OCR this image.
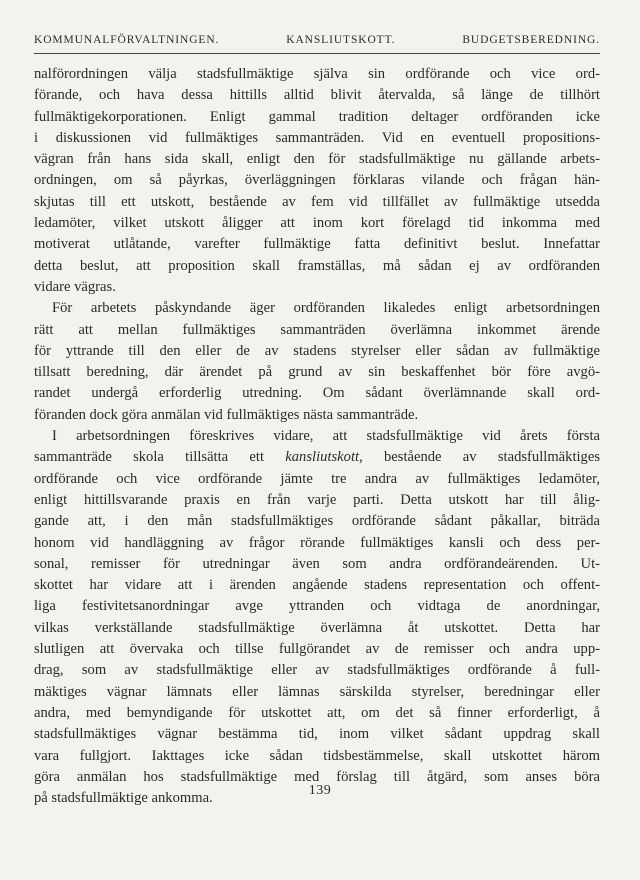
KOMMUNALFÖRVALTNINGEN. KANSLIUTSKOTT. BUDGETSBEREDNING.
nalförordningen välja stadsfullmäktige själva sin ordförande och vice ord-
förande, och hava dessa hittills alltid blivit återvalda, så länge de tillhört
fullmäktigekorporationen. Enligt gammal tradition deltager ordföranden icke
i diskussionen vid fullmäktiges sammanträden. Vid en eventuell propositions-
vägran från hans sida skall, enligt den för stadsfullmäktige nu gällande arbets-
ordningen, om så påyrkas, överläggningen förklaras vilande och frågan hän-
skjutas till ett utskott, bestående av fem vid tillfället av fullmäktige utsedda
ledamöter, vilket utskott åligger att inom kort förelagd tid inkomma med
motiverat utlåtande, varefter fullmäktige fatta definitivt beslut. Innefattar
detta beslut, att proposition skall framställas, må sådan ej av ordföranden
vidare vägras.
För arbetets påskyndande äger ordföranden likaledes enligt arbetsordningen
rätt att mellan fullmäktiges sammanträden överlämna inkommet ärende
för yttrande till den eller de av stadens styrelser eller sådan av fullmäktige
tillsatt beredning, där ärendet på grund av sin beskaffenhet bör före avgö-
randet undergå erforderlig utredning. Om sådant överlämnande skall ord-
föranden dock göra anmälan vid fullmäktiges nästa sammanträde.
I arbetsordningen föreskrives vidare, att stadsfullmäktige vid årets första
sammanträde skola tillsätta ett kansliutskott, bestående av stadsfullmäktiges
ordförande och vice ordförande jämte tre andra av fullmäktiges ledamöter,
enligt hittillsvarande praxis en från varje parti. Detta utskott har till ålig-
gande att, i den mån stadsfullmäktiges ordförande sådant påkallar, biträda
honom vid handläggning av frågor rörande fullmäktiges kansli och dess per-
sonal, remisser för utredningar även som andra ordförandeärenden. Ut-
skottet har vidare att i ärenden angående stadens representation och offent-
liga festivitetsanordningar avge yttranden och vidtaga de anordningar,
vilkas verkställande stadsfullmäktige överlämna åt utskottet. Detta har
slutligen att övervaka och tillse fullgörandet av de remisser och andra upp-
drag, som av stadsfullmäktige eller av stadsfullmäktiges ordförande å full-
mäktiges vägnar lämnats eller lämnas särskilda styrelser, beredningar eller
andra, med bemyndigande för utskottet att, om det så finner erforderligt, å
stadsfullmäktiges vägnar bestämma tid, inom vilket sådant uppdrag skall
vara fullgjort. Iakttages icke sådan tidsbestämmelse, skall utskottet härom
göra anmälan hos stadsfullmäktige med förslag till åtgärd, som anses böra
på stadsfullmäktige ankomma.	139
